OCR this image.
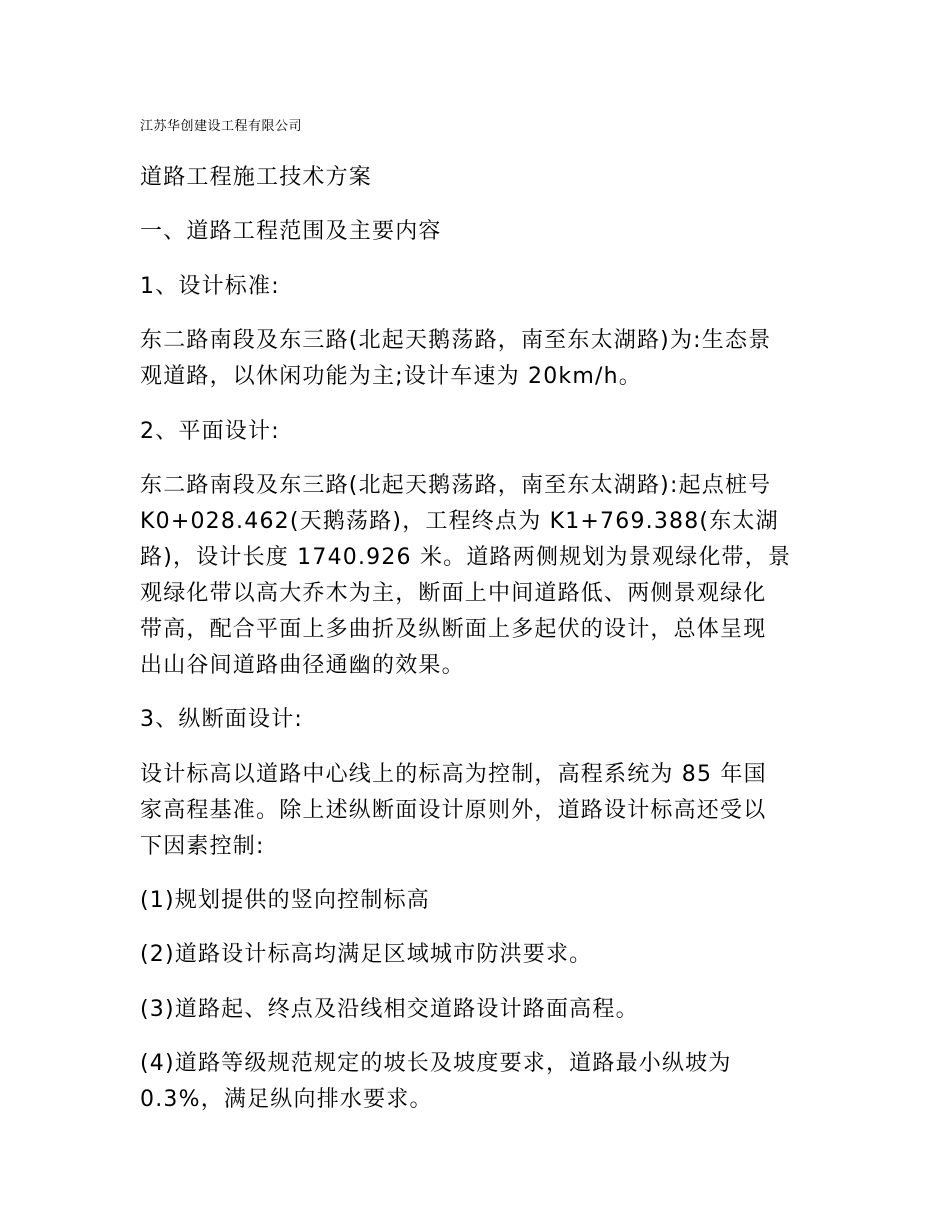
江苏华创建设工程有限公司
道路工程施工技术方案
一、道路工程范围及主要内容
1、设计标准:
东二路南段及东三路(北起天鹅荡路，南至东太湖路)为:生态景
观道路，以休闲功能为主;设计车速为 20km/h。
2、平面设计:
东二路南段及东三路(北起天鹅荡路，南至东太湖路):起点桩号
K0+028.462(天鹅荡路)，工程终点为 K1+769.388(东太湖
路)，设计长度 1740.926 米。道路两侧规划为景观绿化带，景
观绿化带以高大乔木为主，断面上中间道路低、两侧景观绿化
带高，配合平面上多曲折及纵断面上多起伏的设计，总体呈现
出山谷间道路曲径通幽的效果。
3、纵断面设计:
设计标高以道路中心线上的标高为控制，高程系统为 85 年国
家高程基准。除上述纵断面设计原则外，道路设计标高还受以
下因素控制:
(1)规划提供的竖向控制标高
(2)道路设计标高均满足区域城市防洪要求。
(3)道路起、终点及沿线相交道路设计路面高程。
(4)道路等级规范规定的坡长及坡度要求，道路最小纵坡为
0.3%，满足纵向排水要求。
